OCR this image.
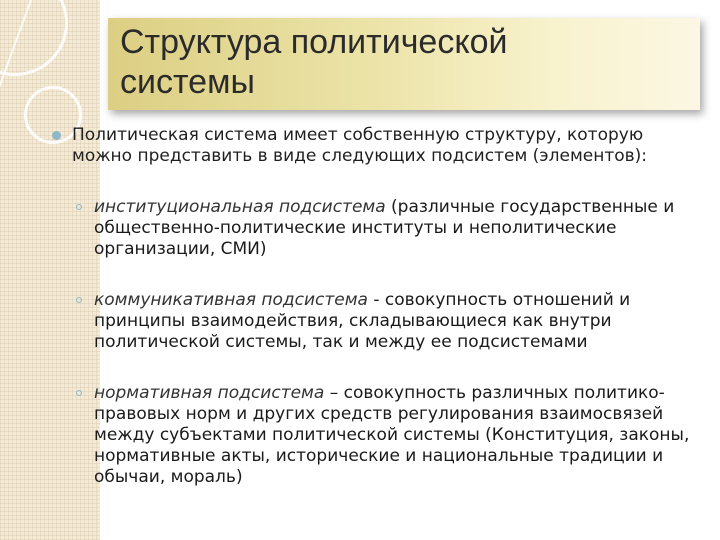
Структура политической
системы
Политическая система имеет собственную структуру, которую можно представить в виде следующих подсистем (элементов):
институциональная подсистема (различные государственные и общественно-политические институты и неполитические организации, СМИ)
коммуникативная подсистема - совокупность отношений и принципы взаимодействия, складывающиеся как внутри политической системы, так и между ее подсистемами
нормативная подсистема – совокупность различных политико-правовых норм и других средств регулирования взаимосвязей между субъектами политической системы (Конституция, законы, нормативные акты, исторические и национальные традиции и обычаи, мораль)
